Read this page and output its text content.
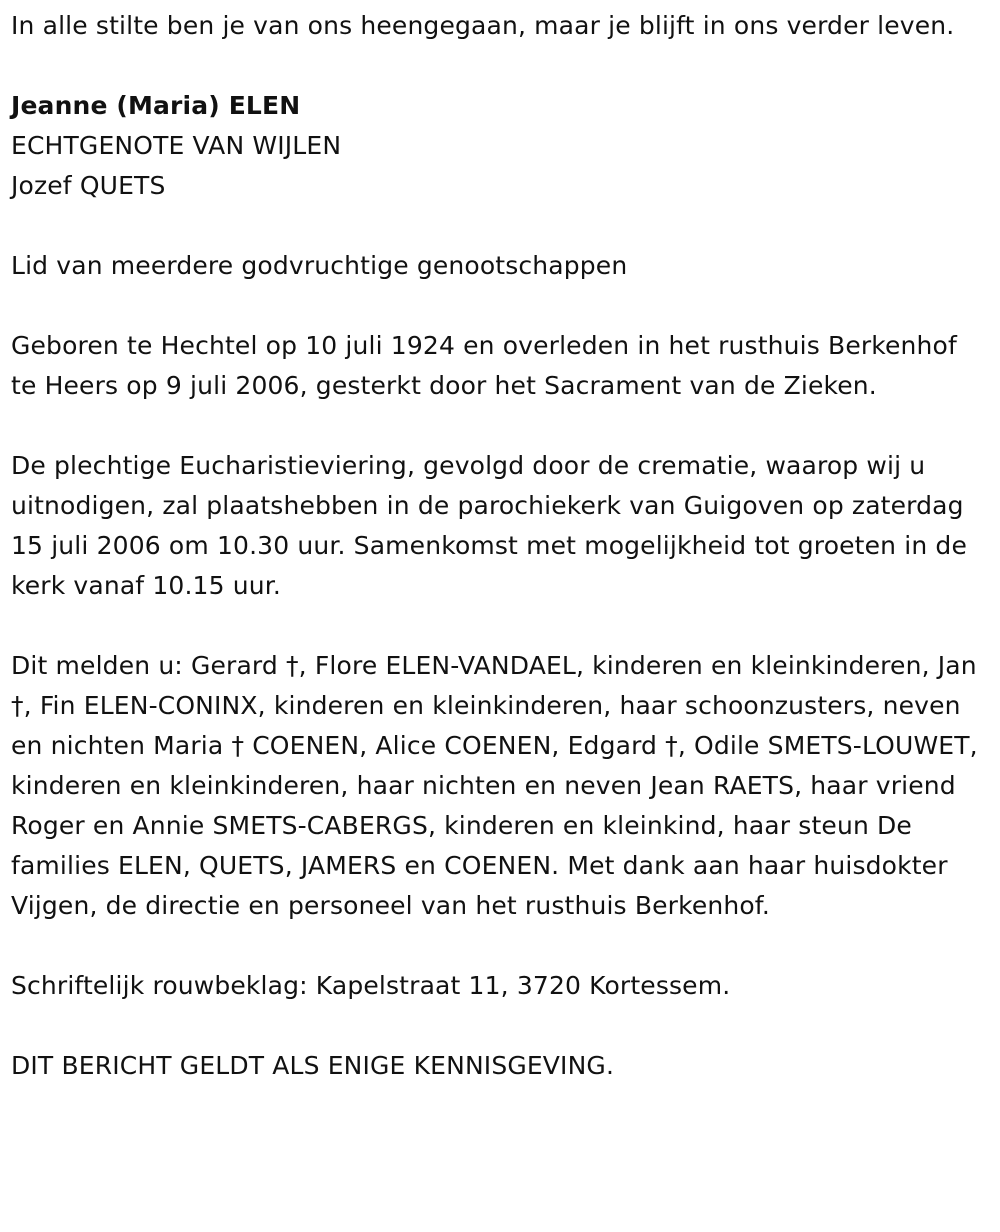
In alle stilte ben je van ons heengegaan, maar je blijft in ons verder leven.

Jeanne (Maria) ELEN

ECHTGENOTE VAN WIJLEN

Jozef QUETS

Lid van meerdere godvruchtige genootschappen

Geboren te Hechtel op 10 juli 1924 en overleden in het rusthuis Berkenhof te Heers op 9 juli 2006, gesterkt door het Sacrament van de Zieken.

De plechtige Eucharistieviering, gevolgd door de crematie, waarop wij u uitnodigen, zal plaatshebben in de parochiekerk van Guigoven op zaterdag 15 juli 2006 om 10.30 uur. Samenkomst met mogelijkheid tot groeten in de kerk vanaf 10.15 uur.

Dit melden u: Gerard †, Flore ELEN-VANDAEL, kinderen en kleinkinderen, Jan †, Fin ELEN-CONINX, kinderen en kleinkinderen, haar schoonzusters, neven en nichten Maria † COENEN, Alice COENEN, Edgard †, Odile SMETS-LOUWET, kinderen en kleinkinderen, haar nichten en neven Jean RAETS, haar vriend Roger en Annie SMETS-CABERGS, kinderen en kleinkind, haar steun De families ELEN, QUETS, JAMERS en COENEN. Met dank aan haar huisdokter Vijgen, de directie en personeel van het rusthuis Berkenhof.

Schriftelijk rouwbeklag: Kapelstraat 11, 3720 Kortessem.

DIT BERICHT GELDT ALS ENIGE KENNISGEVING.
